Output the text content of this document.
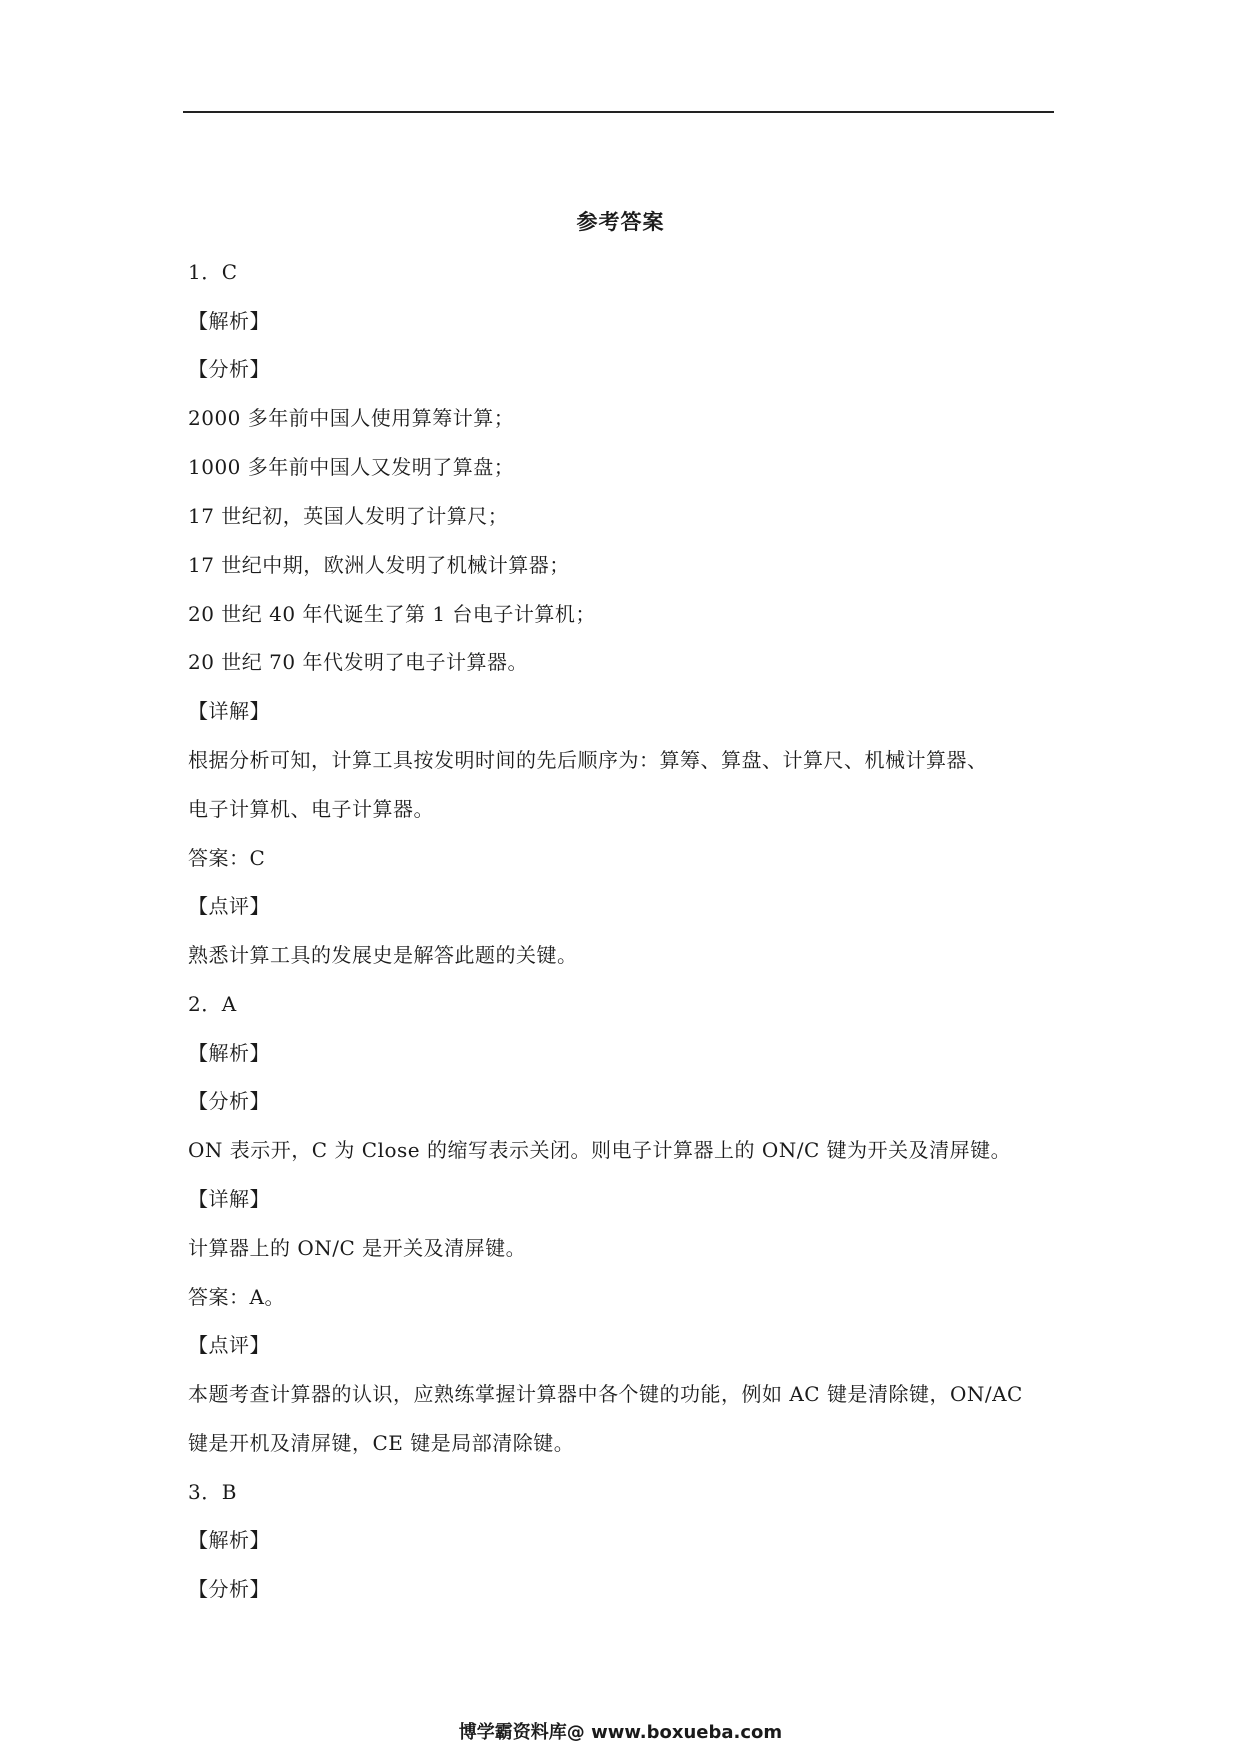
参考答案
1．C
【解析】
【分析】
2000 多年前中国人使用算筹计算；
1000 多年前中国人又发明了算盘；
17 世纪初，英国人发明了计算尺；
17 世纪中期，欧洲人发明了机械计算器；
20 世纪 40 年代诞生了第 1 台电子计算机；
20 世纪 70 年代发明了电子计算器。
【详解】
根据分析可知，计算工具按发明时间的先后顺序为：算筹、算盘、计算尺、机械计算器、
电子计算机、电子计算器。
答案：C
【点评】
熟悉计算工具的发展史是解答此题的关键。
2．A
【解析】
【分析】
ON 表示开，C 为 Close 的缩写表示关闭。则电子计算器上的 ON/C 键为开关及清屏键。
【详解】
计算器上的 ON/C 是开关及清屏键。
答案：A。
【点评】
本题考查计算器的认识，应熟练掌握计算器中各个键的功能，例如 AC 键是清除键，ON/AC
键是开机及清屏键，CE 键是局部清除键。
3．B
【解析】
【分析】
博学霸资料库@ www.boxueba.com
